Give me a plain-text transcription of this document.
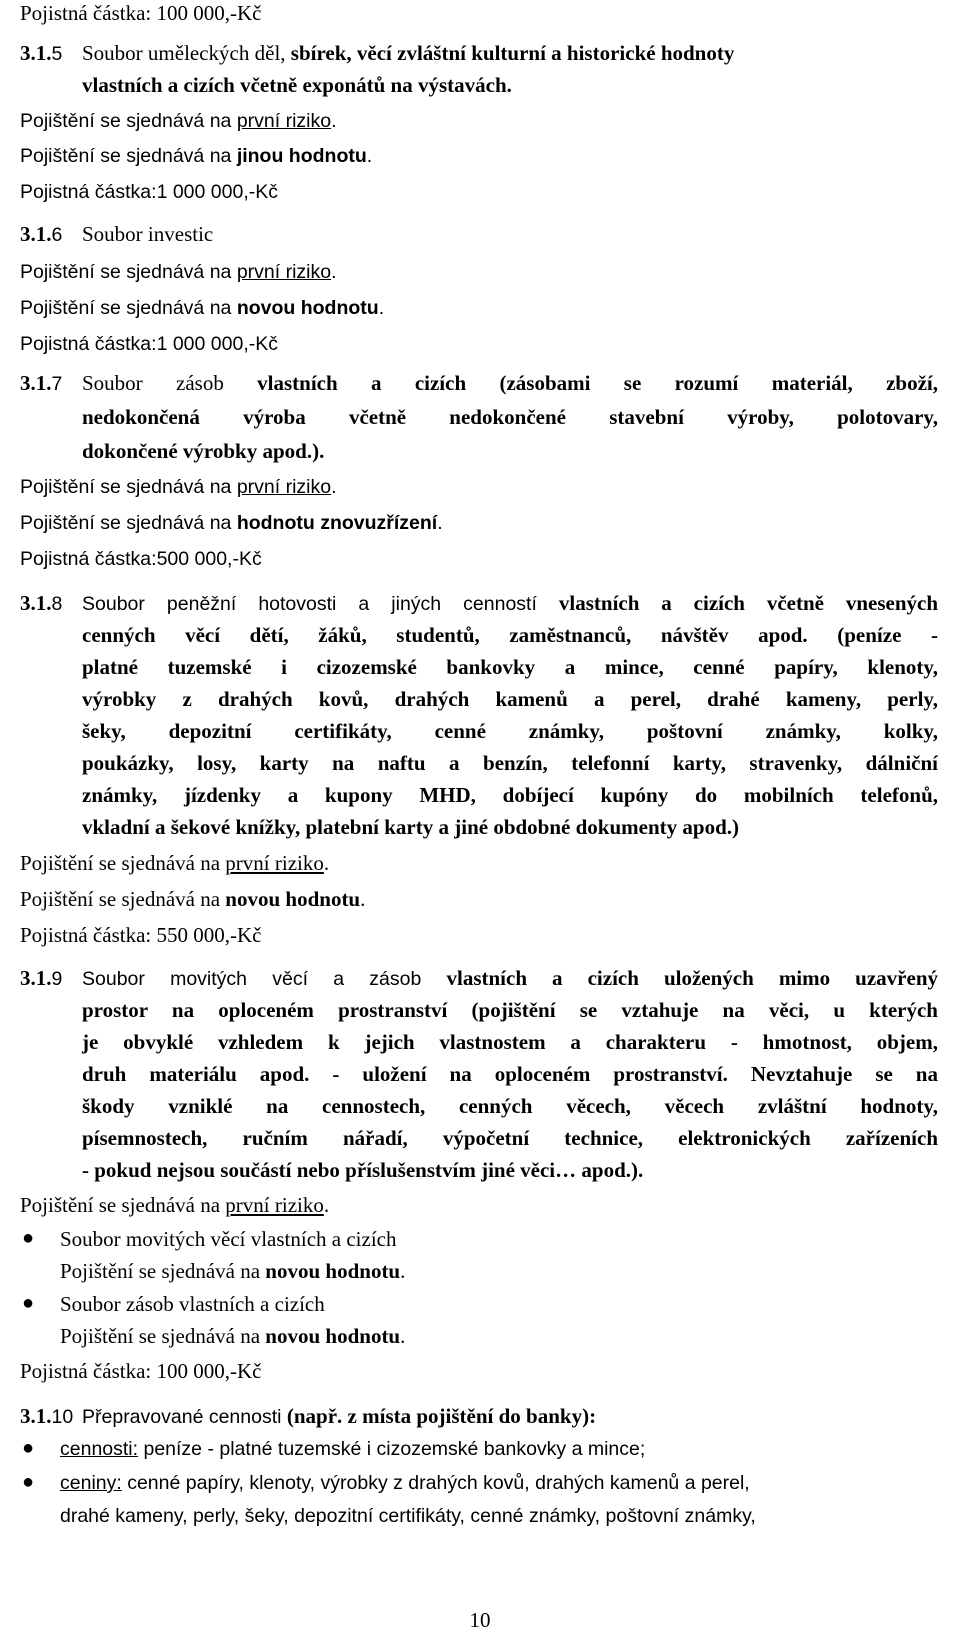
Pojistná částka: 100 000,-Kč
3.1.5 Soubor uměleckých děl, sbírek, věcí zvláštní kulturní a historické hodnoty
vlastních a cizích včetně exponátů na výstavách.
Pojištění se sjednává na první riziko.
Pojištění se sjednává na jinou hodnotu.
Pojistná částka:1 000 000,-Kč
3.1.6 Soubor investic
Pojištění se sjednává na první riziko.
Pojištění se sjednává na novou hodnotu.
Pojistná částka:1 000 000,-Kč
3.1.7 Soubor zásob vlastních a cizích (zásobami se rozumí materiál, zboží,
nedokončená výroba včetně nedokončené stavební výroby, polotovary,
dokončené výrobky apod.).
Pojištění se sjednává na první riziko.
Pojištění se sjednává na hodnotu znovuzřízení.
Pojistná částka:500 000,-Kč
3.1.8 Soubor peněžní hotovosti a jiných cenností vlastních a cizích včetně vnesených
cenných věcí dětí, žáků, studentů, zaměstnanců, návštěv apod. (peníze -
platné tuzemské i cizozemské bankovky a mince, cenné papíry, klenoty,
výrobky z drahých kovů, drahých kamenů a perel, drahé kameny, perly,
šeky, depozitní certifikáty, cenné známky, poštovní známky, kolky,
poukázky, losy, karty na naftu a benzín, telefonní karty, stravenky, dálniční
známky, jízdenky a kupony MHD, dobíjecí kupóny do mobilních telefonů,
vkladní a šekové knížky, platební karty a jiné obdobné dokumenty apod.)
Pojištění se sjednává na první riziko.
Pojištění se sjednává na novou hodnotu.
Pojistná částka: 550 000,-Kč
3.1.9 Soubor movitých věcí a zásob vlastních a cizích uložených mimo uzavřený
prostor na oploceném prostranství (pojištění se vztahuje na věci, u kterých
je obvyklé vzhledem k jejich vlastnostem a charakteru - hmotnost, objem,
druh materiálu apod. - uložení na oploceném prostranství. Nevztahuje se na
škody vzniklé na cennostech, cenných věcech, věcech zvláštní hodnoty,
písemnostech, ručním nářadí, výpočetní technice, elektronických zařízeních
- pokud nejsou součástí nebo příslušenstvím jiné věci… apod.).
Pojištění se sjednává na první riziko.
● Soubor movitých věcí vlastních a cizích
Pojištění se sjednává na novou hodnotu.
● Soubor zásob vlastních a cizích
Pojištění se sjednává na novou hodnotu.
Pojistná částka: 100 000,-Kč
3.1.10 Přepravované cennosti (např. z místa pojištění do banky):
● cennosti: peníze - platné tuzemské i cizozemské bankovky a mince;
● ceniny: cenné papíry, klenoty, výrobky z drahých kovů, drahých kamenů a perel,
drahé kameny, perly, šeky, depozitní certifikáty, cenné známky, poštovní známky,
10
